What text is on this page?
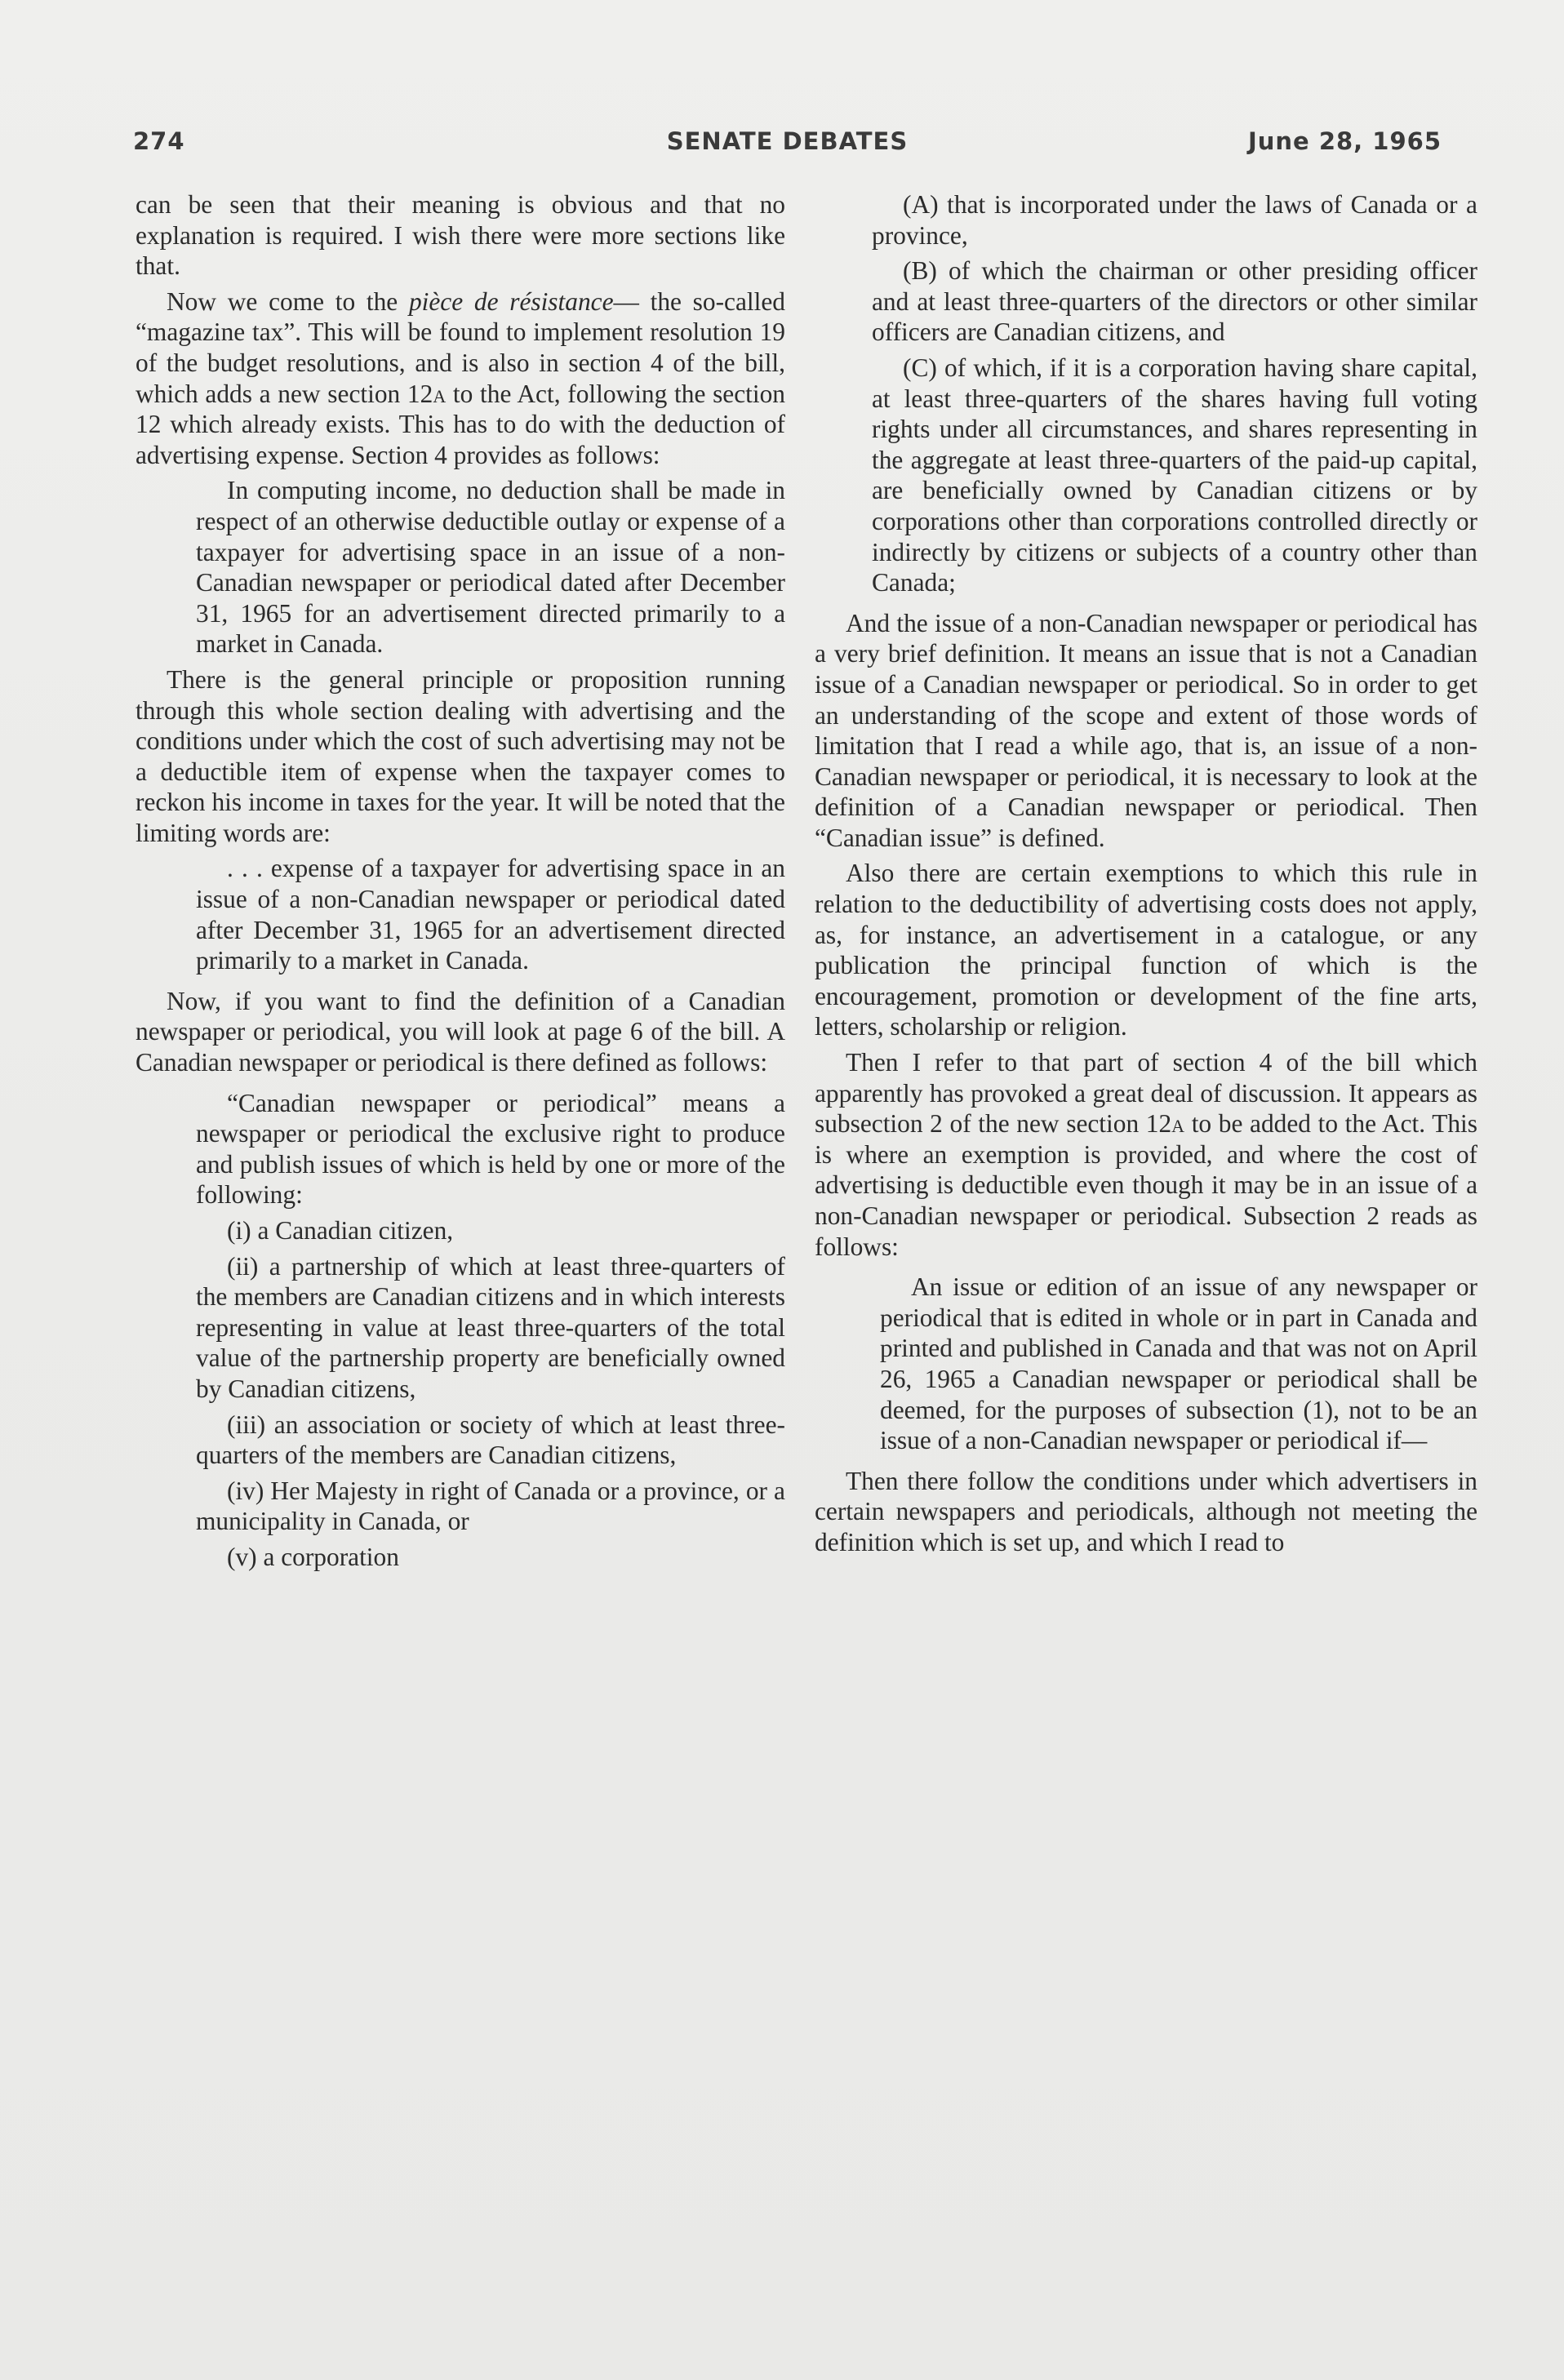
274	SENATE DEBATES	June 28, 1965

can be seen that their meaning is obvious and that no explanation is required. I wish there were more sections like that.

Now we come to the pièce de résistance— the so-called “magazine tax”. This will be found to implement resolution 19 of the budget resolutions, and is also in section 4 of the bill, which adds a new section 12a to the Act, following the section 12 which already exists. This has to do with the deduction of advertising expense. Section 4 provides as follows:

In computing income, no deduction shall be made in respect of an otherwise deductible outlay or expense of a taxpayer for advertising space in an issue of a non-Canadian newspaper or periodical dated after December 31, 1965 for an advertisement directed primarily to a market in Canada.

There is the general principle or proposition running through this whole section dealing with advertising and the conditions under which the cost of such advertising may not be a deductible item of expense when the taxpayer comes to reckon his income in taxes for the year. It will be noted that the limiting words are:

. . . expense of a taxpayer for advertising space in an issue of a non-Canadian newspaper or periodical dated after December 31, 1965 for an advertisement directed primarily to a market in Canada.

Now, if you want to find the definition of a Canadian newspaper or periodical, you will look at page 6 of the bill. A Canadian newspaper or periodical is there defined as follows:

“Canadian newspaper or periodical” means a newspaper or periodical the exclusive right to produce and publish issues of which is held by one or more of the following:

(i) a Canadian citizen,

(ii) a partnership of which at least three-quarters of the members are Canadian citizens and in which interests representing in value at least three-quarters of the total value of the partnership property are beneficially owned by Canadian citizens,

(iii) an association or society of which at least three-quarters of the members are Canadian citizens,

(iv) Her Majesty in right of Canada or a province, or a municipality in Canada, or

(v) a corporation

(A) that is incorporated under the laws of Canada or a province,

(B) of which the chairman or other presiding officer and at least three-quarters of the directors or other similar officers are Canadian citizens, and

(C) of which, if it is a corporation having share capital, at least three-quarters of the shares having full voting rights under all circumstances, and shares representing in the aggregate at least three-quarters of the paid-up capital, are beneficially owned by Canadian citizens or by corporations other than corporations controlled directly or indirectly by citizens or subjects of a country other than Canada;

And the issue of a non-Canadian newspaper or periodical has a very brief definition. It means an issue that is not a Canadian issue of a Canadian newspaper or periodical. So in order to get an understanding of the scope and extent of those words of limitation that I read a while ago, that is, an issue of a non-Canadian newspaper or periodical, it is necessary to look at the definition of a Canadian newspaper or periodical. Then “Canadian issue” is defined.

Also there are certain exemptions to which this rule in relation to the deductibility of advertising costs does not apply, as, for instance, an advertisement in a catalogue, or any publication the principal function of which is the encouragement, promotion or development of the fine arts, letters, scholarship or religion.

Then I refer to that part of section 4 of the bill which apparently has provoked a great deal of discussion. It appears as subsection 2 of the new section 12a to be added to the Act. This is where an exemption is provided, and where the cost of advertising is deductible even though it may be in an issue of a non-Canadian newspaper or periodical. Subsection 2 reads as follows:

An issue or edition of an issue of any newspaper or periodical that is edited in whole or in part in Canada and printed and published in Canada and that was not on April 26, 1965 a Canadian newspaper or periodical shall be deemed, for the purposes of subsection (1), not to be an issue of a non-Canadian newspaper or periodical if—

Then there follow the conditions under which advertisers in certain newspapers and periodicals, although not meeting the definition which is set up, and which I read to
